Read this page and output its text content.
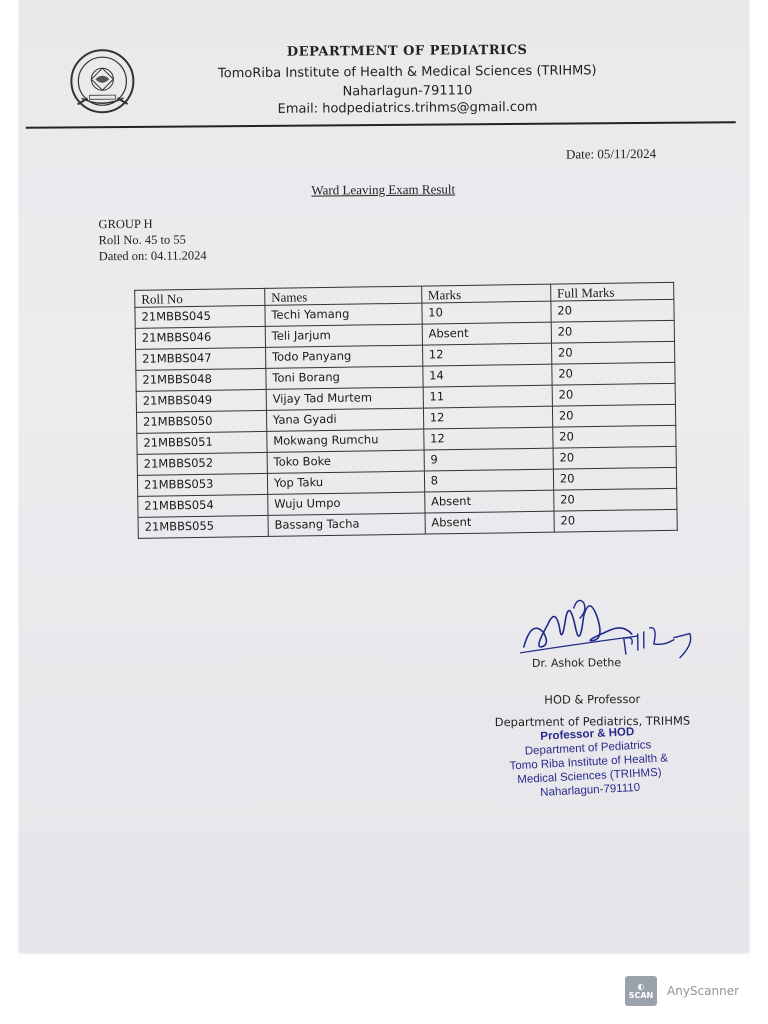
DEPARTMENT OF PEDIATRICS
TomoRiba Institute of Health & Medical Sciences (TRIHMS)
Naharlagun-791110
Email: hodpediatrics.trihms@gmail.com
Date: 05/11/2024
Ward Leaving Exam Result
GROUP H
Roll No. 45 to 55
Dated on: 04.11.2024
Roll No	Names	Marks	Full Marks
21MBBS045	Techi Yamang	10	20
21MBBS046	Teli Jarjum	Absent	20
21MBBS047	Todo Panyang	12	20
21MBBS048	Toni Borang	14	20
21MBBS049	Vijay Tad Murtem	11	20
21MBBS050	Yana Gyadi	12	20
21MBBS051	Mokwang Rumchu	12	20
21MBBS052	Toko Boke	9	20
21MBBS053	Yop Taku	8	20
21MBBS054	Wuju Umpo	Absent	20
21MBBS055	Bassang Tacha	Absent	20
Dr. Ashok Dethe
HOD & Professor
Department of Pediatrics, TRIHMS
Professor & HOD
Department of Pediatrics
Tomo Riba Institute of Health &
Medical Sciences (TRIHMS)
Naharlagun-791110
◐
SCAN AnyScanner
